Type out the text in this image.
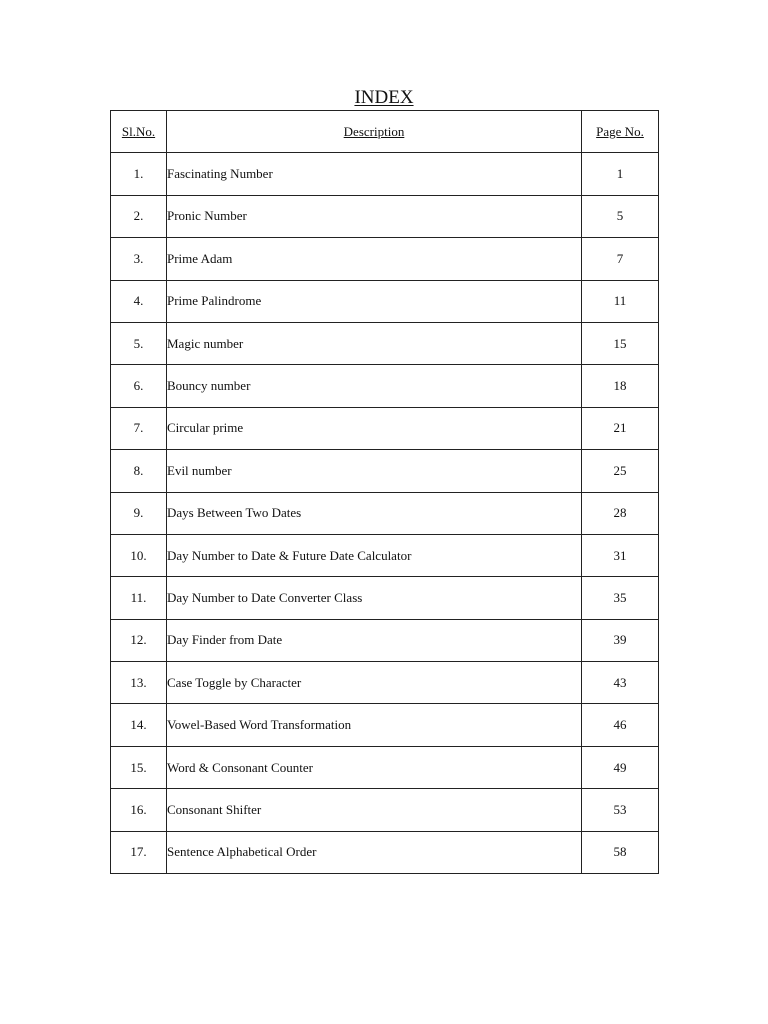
INDEX
Sl.No.	Description	Page No.
1.	Fascinating Number	1
2.	Pronic Number	5
3.	Prime Adam	7
4.	Prime Palindrome	11
5.	Magic number	15
6.	Bouncy number	18
7.	Circular prime	21
8.	Evil number	25
9.	Days Between Two Dates	28
10.	Day Number to Date & Future Date Calculator	31
11.	Day Number to Date Converter Class	35
12.	Day Finder from Date	39
13.	Case Toggle by Character	43
14.	Vowel-Based Word Transformation	46
15.	Word & Consonant Counter	49
16.	Consonant Shifter	53
17.	Sentence Alphabetical Order	58
